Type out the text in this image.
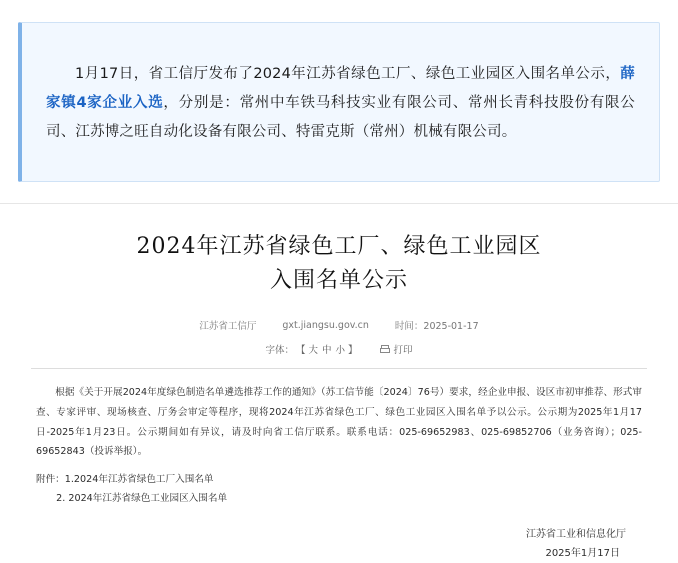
1月17日，省工信厅发布了2024年江苏省绿色工厂、绿色工业园区入围名单公示，薛家镇4家企业入选，分别是：常州中车铁马科技实业有限公司、常州长青科技股份有限公司、江苏博之旺自动化设备有限公司、特雷克斯（常州）机械有限公司。

2024年江苏省绿色工厂、绿色工业园区
入围名单公示
江苏省工信厅	gxt.jiangsu.gov.cn	时间：2025-01-17
字体： 【 大 中 小 】	打印

根据《关于开展2024年度绿色制造名单遴选推荐工作的通知》（苏工信节能〔2024〕76号）要求，经企业申报、设区市初审推荐、形式审查、专家评审、现场核查、厅务会审定等程序，现将2024年江苏省绿色工厂、绿色工业园区入围名单予以公示。公示期为2025年1月17日-2025年1月23日。公示期间如有异议，请及时向省工信厅联系。联系电话：025-69652983、025-69852706（业务咨询）；025-69652843（投诉举报）。

附件：1.2024年江苏省绿色工厂入围名单
2. 2024年江苏省绿色工业园区入围名单
江苏省工业和信息化厅
2025年1月17日
